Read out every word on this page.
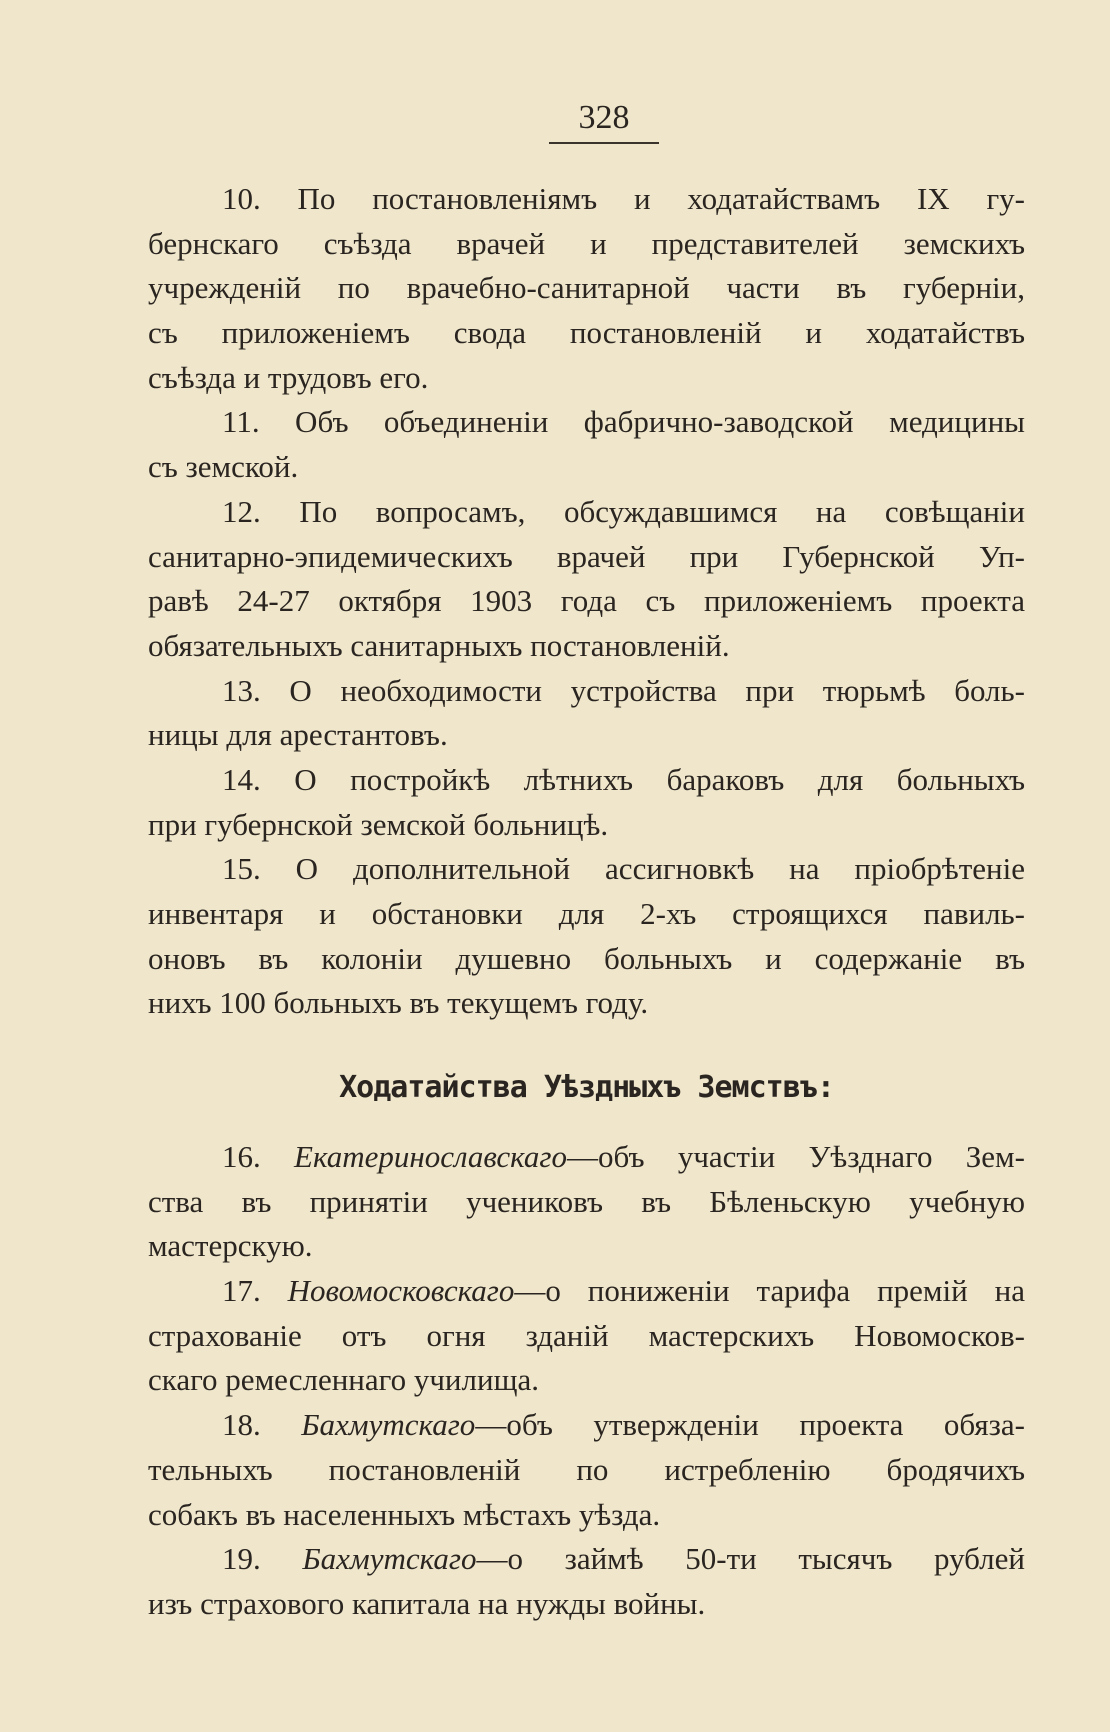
328
10. По постановленіямъ и ходатайствамъ IX гу-
бернскаго съѣзда врачей и представителей земскихъ
учрежденій по врачебно-санитарной части въ губерніи,
съ приложеніемъ свода постановленій и ходатайствъ
съѣзда и трудовъ его.
11. Объ объединеніи фабрично-заводской медицины
съ земской.
12. По вопросамъ, обсуждавшимся на совѣщаніи
санитарно-эпидемическихъ врачей при Губернской Уп-
равѣ 24-27 октября 1903 года съ приложеніемъ проекта
обязательныхъ санитарныхъ постановленій.
13. О необходимости устройства при тюрьмѣ боль-
ницы для арестантовъ.
14. О постройкѣ лѣтнихъ бараковъ для больныхъ
при губернской земской больницѣ.
15. О дополнительной ассигновкѣ на пріобрѣтеніе
инвентаря и обстановки для 2-хъ строящихся павиль-
оновъ въ колоніи душевно больныхъ и содержаніе въ
нихъ 100 больныхъ въ текущемъ году.
Ходатайства Уѣздныхъ Земствъ:
16. Екатеринославскаго—объ участіи Уѣзднаго Зем-
ства въ принятіи учениковъ въ Бѣленьскую учебную
мастерскую.
17. Новомосковскаго—о пониженіи тарифа премій на
страхованіе отъ огня зданій мастерскихъ Новомосков-
скаго ремесленнаго училища.
18. Бахмутскаго—объ утвержденіи проекта обяза-
тельныхъ постановленій по истребленію бродячихъ
собакъ въ населенныхъ мѣстахъ уѣзда.
19. Бахмутскаго—о займѣ 50-ти тысячъ рублей
изъ страхового капитала на нужды войны.
